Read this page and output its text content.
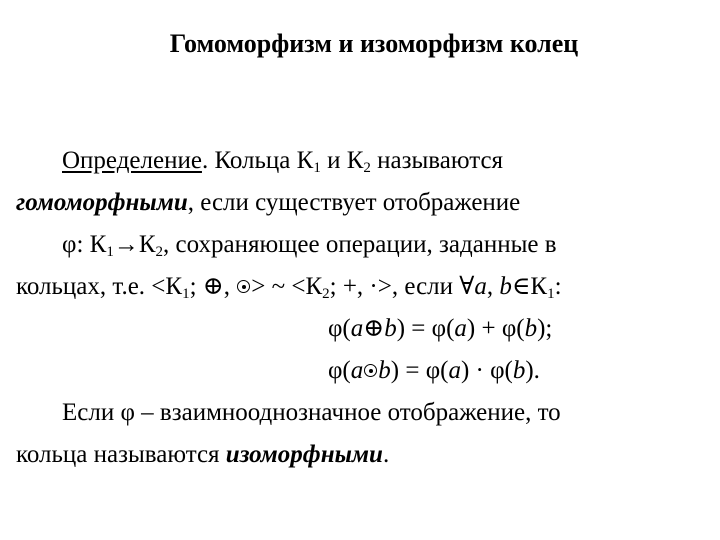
Гомоморфизм и изоморфизм колец
Определение. Кольца $К_1$ и $К_2$ называются
гомоморфными, если существует отображение
φ: $К_1\to К_2$, сохраняющее операции, заданные в
кольцах, т.е. $<К_1$; ⊕, > ~ $<К_2$; +, ·>, если ∀a, $b\in К_1$:
φ(a⊕b) = φ(a) + φ(b);
φ(a b) = φ(a) · φ(b).
Если φ – взаимнооднозначное отображение, то
кольца называются изоморфными.
